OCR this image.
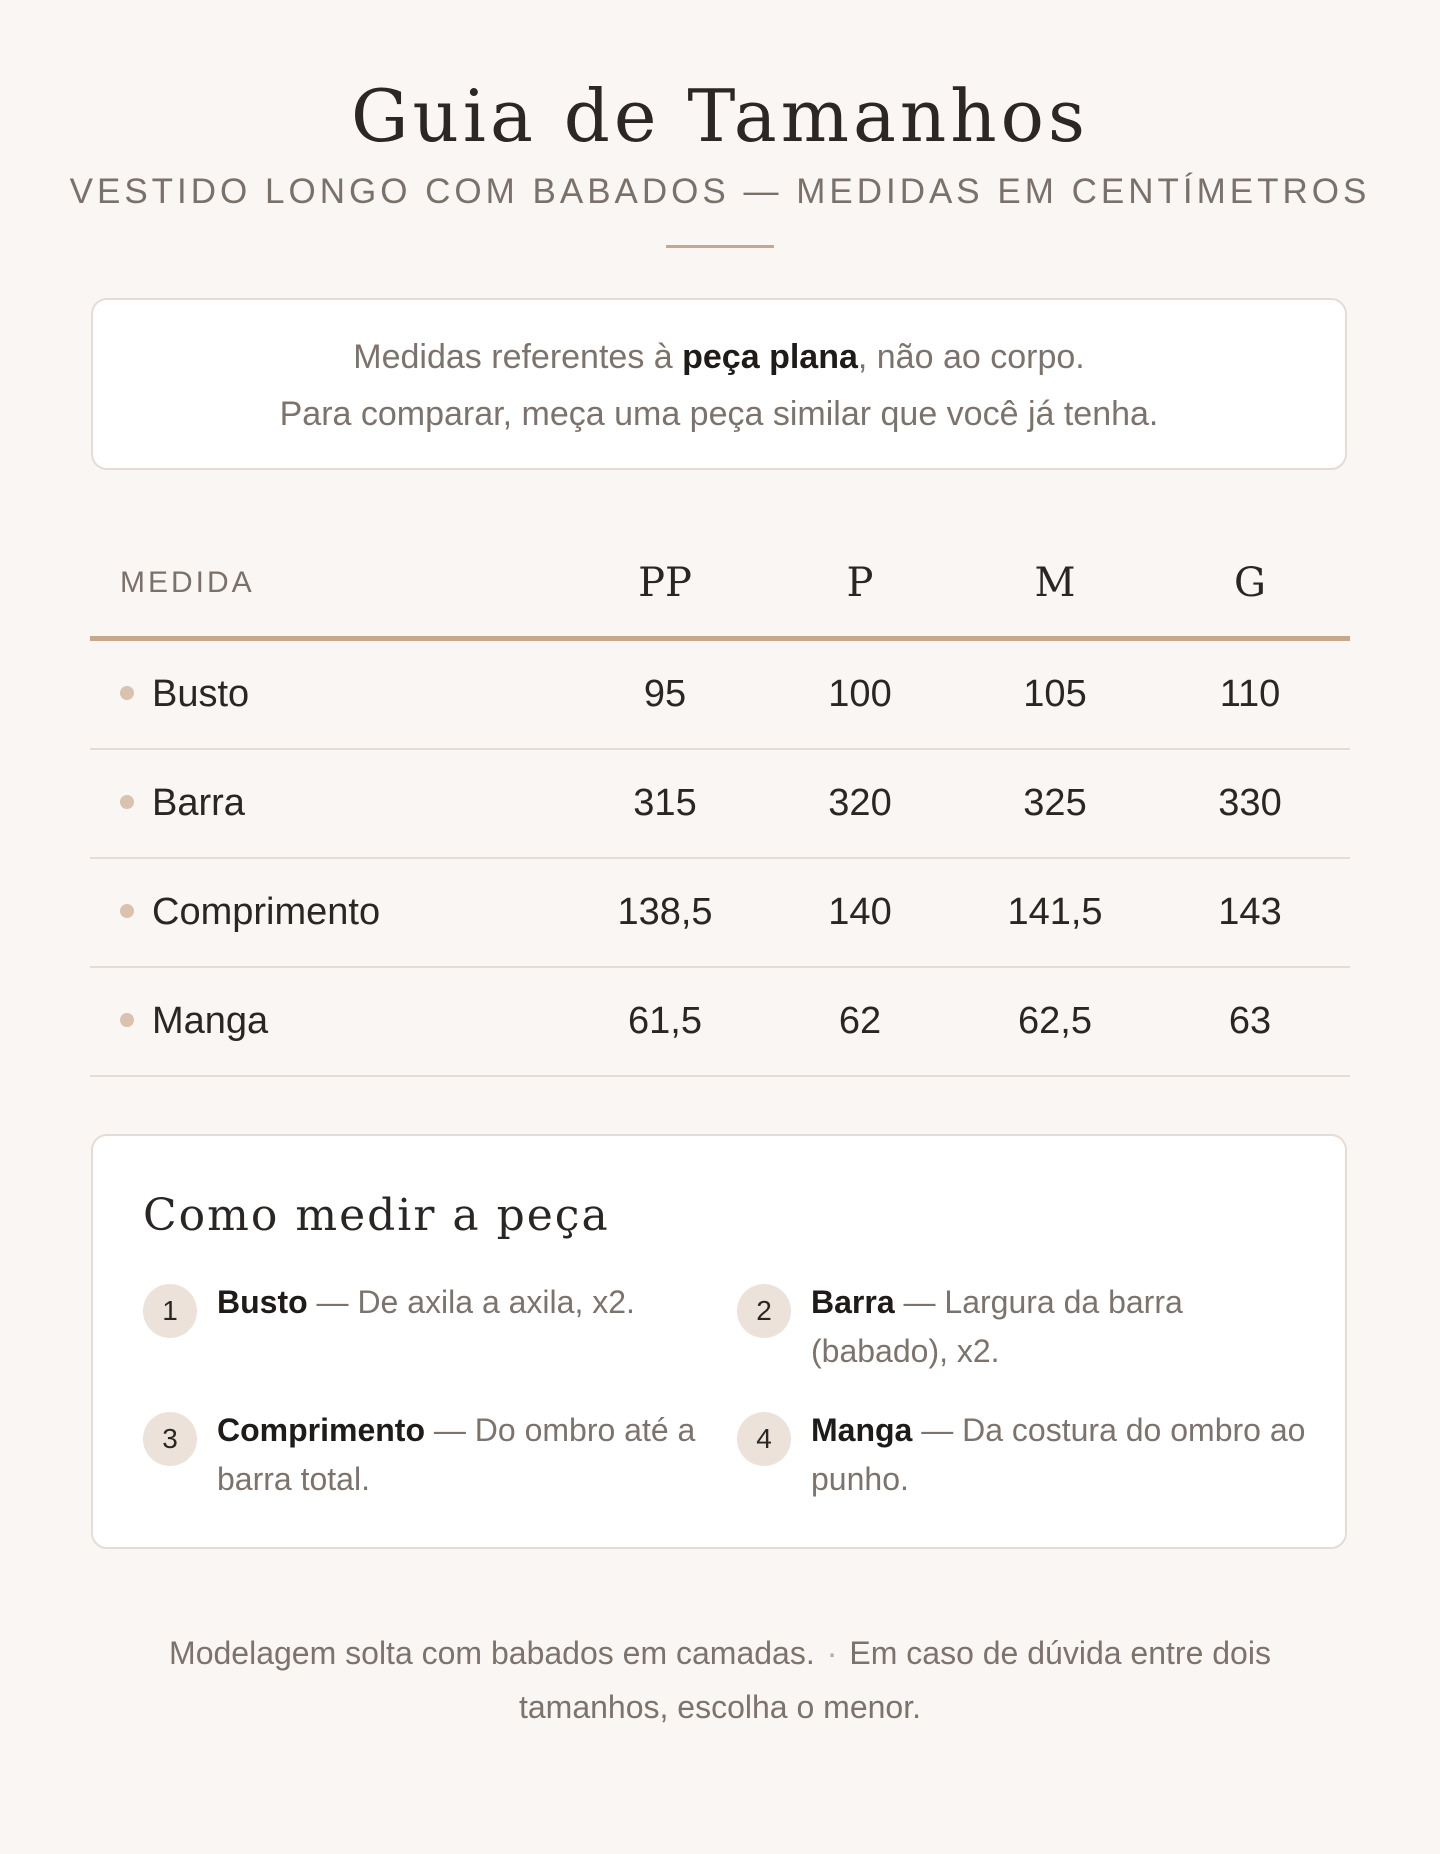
Guia de Tamanhos
VESTIDO LONGO COM BABADOS — MEDIDAS EM CENTÍMETROS
Medidas referentes à peça plana, não ao corpo.
Para comparar, meça uma peça similar que você já tenha.
MEDIDA	PP	P	M	G
Busto	95	100	105	110
Barra	315	320	325	330
Comprimento	138,5	140	141,5	143
Manga	61,5	62	62,5	63
Como medir a peça
1	Busto — De axila a axila, x2.	2	Barra — Largura da barra (babado), x2.
3	Comprimento — Do ombro até a barra total.
4	Manga — Da costura do ombro ao punho.
Modelagem solta com babados em camadas. · Em caso de dúvida entre dois tamanhos, escolha o menor.
